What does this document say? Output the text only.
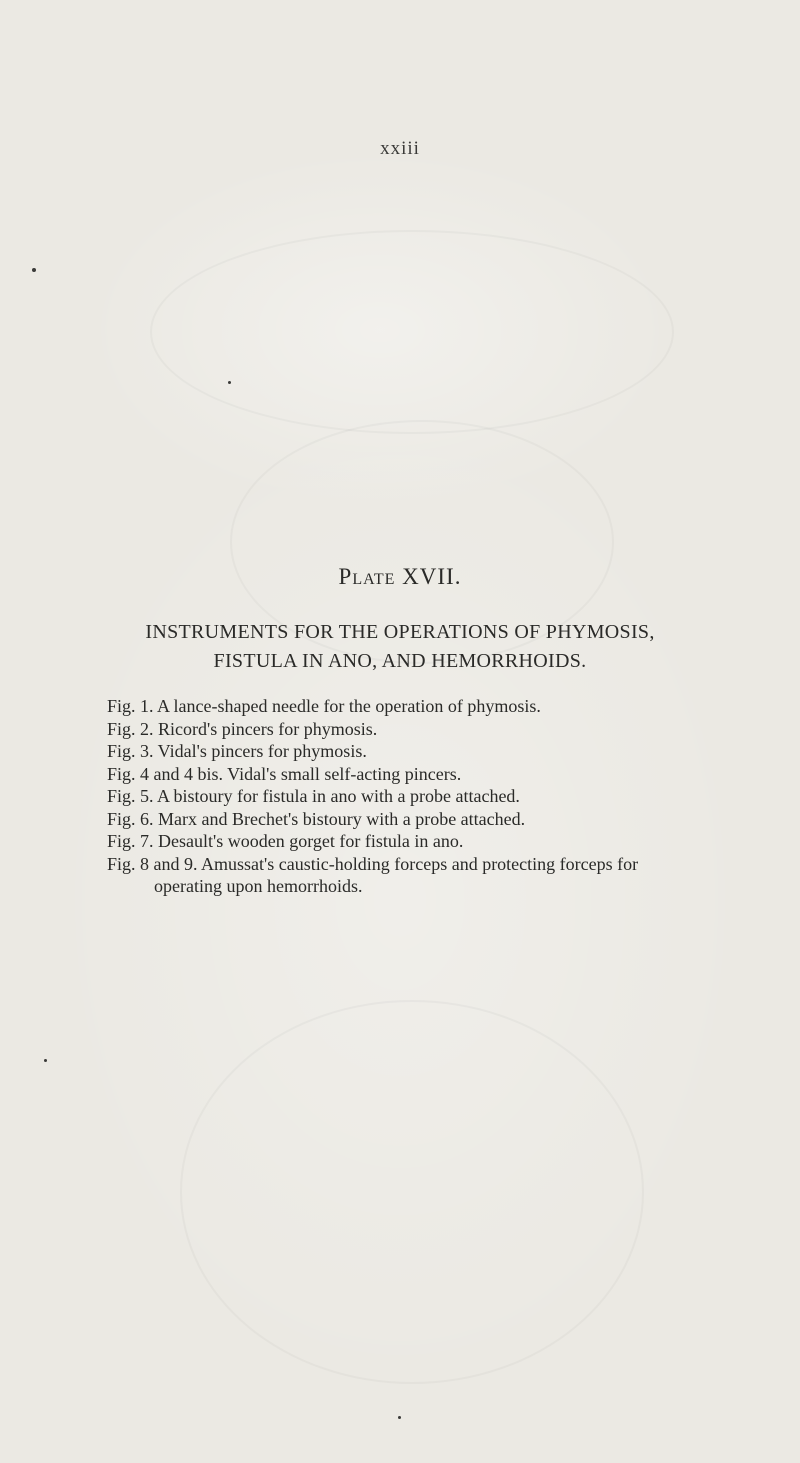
xxiii
Plate XVII.
INSTRUMENTS FOR THE OPERATIONS OF PHYMOSIS,
FISTULA IN ANO, AND HEMORRHOIDS.
Fig. 1. A lance-shaped needle for the operation of phymosis.
Fig. 2. Ricord's pincers for phymosis.
Fig. 3. Vidal's pincers for phymosis.
Fig. 4 and 4 bis. Vidal's small self-acting pincers.
Fig. 5. A bistoury for fistula in ano with a probe attached.
Fig. 6. Marx and Brechet's bistoury with a probe attached.
Fig. 7. Desault's wooden gorget for fistula in ano.
Fig. 8 and 9. Amussat's caustic-holding forceps and protecting forceps for
operating upon hemorrhoids.
